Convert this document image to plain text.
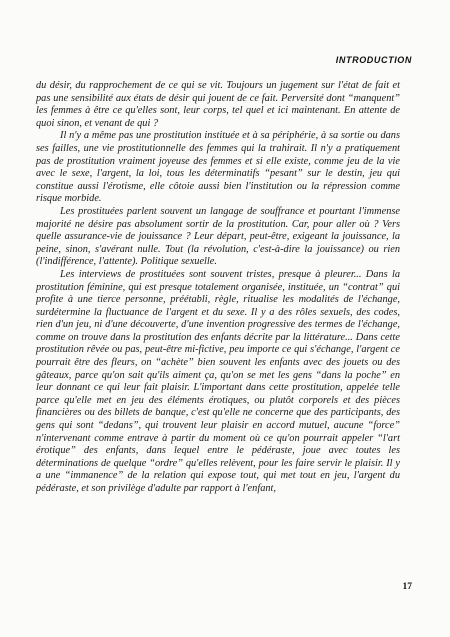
INTRODUCTION

du désir, du rapprochement de ce qui se vit. Toujours un jugement sur l'état de fait et pas une sensibilité aux états de désir qui jouent de ce fait. Perversité dont “manquent” les femmes à être ce qu'elles sont, leur corps, tel quel et ici maintenant. En attente de quoi sinon, et venant de qui ?

Il n'y a même pas une prostitution instituée et à sa périphérie, à sa sortie ou dans ses failles, une vie prostitutionnelle des femmes qui la trahirait. Il n'y a pratiquement pas de prostitution vraiment joyeuse des femmes et si elle existe, comme jeu de la vie avec le sexe, l'argent, la loi, tous les déterminatifs “pesant” sur le destin, jeu qui constitue aussi l'érotisme, elle côtoie aussi bien l'institution ou la répression comme risque morbide.

Les prostituées parlent souvent un langage de souffrance et pourtant l'immense majorité ne désire pas absolument sortir de la prostitution. Car, pour aller où ? Vers quelle assurance-vie de jouissance ? Leur départ, peut-être, exigeant la jouissance, la peine, sinon, s'avérant nulle. Tout (la révolution, c'est-à-dire la jouissance) ou rien (l'indifférence, l'attente). Politique sexuelle.

Les interviews de prostituées sont souvent tristes, presque à pleurer... Dans la prostitution féminine, qui est presque totalement organisée, instituée, un “contrat” qui profite à une tierce personne, préétabli, règle, ritualise les modalités de l'échange, surdétermine la fluctuance de l'argent et du sexe. Il y a des rôles sexuels, des codes, rien d'un jeu, ni d'une découverte, d'une invention progressive des termes de l'échange, comme on trouve dans la prostitution des enfants décrite par la littérature... Dans cette prostitution rêvée ou pas, peut-être mi-fictive, peu importe ce qui s'échange, l'argent ce pourrait être des fleurs, on “achète” bien souvent les enfants avec des jouets ou des gâteaux, parce qu'on sait qu'ils aiment ça, qu'on se met les gens “dans la poche” en leur donnant ce qui leur fait plaisir. L'important dans cette prostitution, appelée telle parce qu'elle met en jeu des éléments érotiques, ou plutôt corporels et des pièces financières ou des billets de banque, c'est qu'elle ne concerne que des participants, des gens qui sont “dedans”, qui trouvent leur plaisir en accord mutuel, aucune “force” n'intervenant comme entrave à partir du moment où ce qu'on pourrait appeler “l'art érotique” des enfants, dans lequel entre le pédéraste, joue avec toutes les déterminations de quelque “ordre” qu'elles relèvent, pour les faire servir le plaisir. Il y a une “immanence” de la relation qui expose tout, qui met tout en jeu, l'argent du pédéraste, et son privilège d'adulte par rapport à l'enfant,

17
